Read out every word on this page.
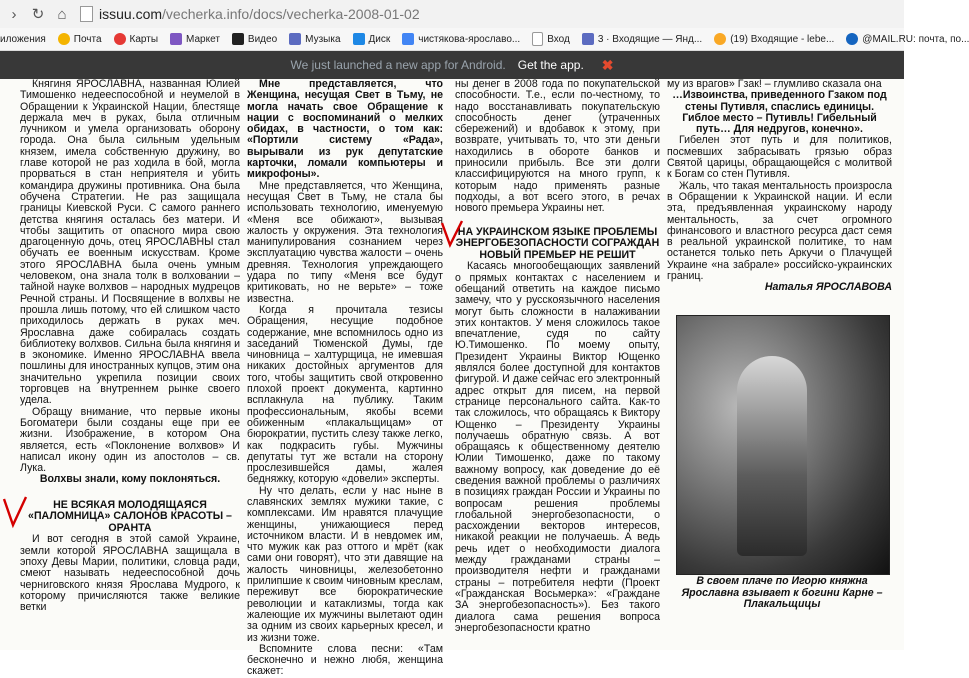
›	↻ ⌂	issuu.com /vecherka.info/docs/vecherka-2008-01-02
иложения	Почта	Карты	Маркет	Видео	Музыка	Диск	чистякова-ярославо...	Вход	3 · Входящие — Янд...	(19) Входящие - lebe...	@MAIL.RU: почта, по...
We just launched a new app for Android. Get the app. ✖

Княгиня ЯРОСЛАВНА, названная Юлией Тимошенко недееспособной и неумелой в Обращении к Украинской Нации, блестяще держала меч в руках, была отличным лучником и умела организовать оборону города. Она была сильным удельным князем, имела собственную дружину, во главе которой не раз ходила в бой, могла прорваться в стан неприятеля и убить командира дружины противника. Она была обучена Стратегии. Не раз защищала границы Киевской Руси. С самого раннего детства княгиня осталась без матери. И чтобы защитить от опасного мира свою драгоценную дочь, отец ЯРОСЛАВНЫ стал обучать ее военным искусствам. Кроме этого ЯРОСЛАВНА была очень умным человеком, она знала толк в волховании – тайной науке волхвов – народных мудрецов Речной страны. И Посвящение в волхвы не прошла лишь потому, что ей слишком часто приходилось держать в руках меч. Ярославна даже собиралась создать библиотеку волхвов. Сильна была княгиня и в экономике. Именно ЯРОСЛАВНА ввела пошлины для иностранных купцов, этим она значительно укрепила позиции своих торговцев на внутреннем рынке своего удела.

Обращу внимание, что первые иконы Богоматери были созданы еще при ее жизни. Изображение, в котором Она является, есть «Поклонение волхвов» И написал икону один из апостолов – св. Лука.

Волхвы знали, кому поклоняться.

НЕ ВСЯКАЯ МОЛОДЯЩАЯСЯ «ПАЛОМНИЦА» САЛОНОВ КРАСОТЫ – ОРАНТА

И вот сегодня в этой самой Украине, земли которой ЯРОСЛАВНА защищала в эпоху Девы Марии, политики, словца ради, смеют называть недееспособной дочь черниговского князя Ярослава Мудрого, к которому причисляются также великие ветки

Мне представляется, что Женщина, несущая Свет в Тьму, не могла начать свое Обращение к нации с воспоминаний о мелких обидах, в частности, о том как: «Портили систему «Рада», вырывали из рук депутатские карточки, ломали компьютеры и микрофоны».

Мне представляется, что Женщина, несущая Свет в Тьму, не стала бы использовать технологию, именуемую «Меня все обижают», вызывая жалость у окружения. Эта технология манипулирования сознанием через эксплуатацию чувства жалости – очень древняя. Технология упреждающего удара по типу «Меня все будут критиковать, но не верьте» – тоже известна.

Когда я прочитала тезисы Обращения, несущие подобное содержание, мне вспомнилось одно из заседаний Тюменской Думы, где чиновница – халтурщица, не имевшая никаких достойных аргументов для того, чтобы защитить свой откровенно плохой проект документа, картинно всплакнула на публику. Таким профессиональным, якобы всеми обиженным «плакальщицам» от бюрократии, пустить слезу также легко, как подкрасить губы. Мужчины депутаты тут же встали на сторону прослезившейся дамы, жалея бедняжку, которую «довели» эксперты.

Ну что делать, если у нас ныне в славянских землях мужики такие, с комплексами. Им нравятся плачущие женщины, унижающиеся перед источником власти. И в невдомек им, что мужик как раз оттого и мрёт (как сами они говорят), что эти давящие на жалость чиновницы, железобетонно прилипшие к своим чиновным креслам, переживут все бюрократические революции и катаклизмы, тогда как жалеющие их мужчины вылетают один за одним из своих карьерных кресел, и из жизни тоже.

Вспомните слова песни: «Там бесконечно и нежно любя, женщина скажет:

ны денег в 2008 года по покупательской способности. Т.е., если по-честному, то надо восстанавливать покупательскую способность денег (утраченных сбережений) и вдобавок к этому, при возврате, учитывать то, что эти деньги находились в обороте банков и приносили прибыль. Все эти долги классифицируются на много групп, к которым надо применять разные подходы, а вот всего этого, в речах нового премьера Украины нет.

НА УКРАИНСКОМ ЯЗЫКЕ ПРОБЛЕМЫ ЭНЕРГОБЕЗОПАСНОСТИ СОГРАЖДАН НОВЫЙ ПРЕМЬЕР НЕ РЕШИТ

Касаясь многообещающих заявлений о прямых контактах с населением и обещаний ответить на каждое письмо замечу, что у русскоязычного населения могут быть сложности в налаживании этих контактов. У меня сложилось такое впечатление, судя по сайту Ю.Тимошенко. По моему опыту, Президент Украины Виктор Ющенко являлся более доступной для контактов фигурой. И даже сейчас его электронный адрес открыт для писем, на первой странице персонального сайта. Как-то так сложилось, что обращаясь к Виктору Ющенко – Президенту Украины получаешь обратную связь. А вот обращаясь к общественному деятелю Юлии Тимошенко, даже по такому важному вопросу, как доведение до её сведения важной проблемы о различиях в позициях граждан России и Украины по вопросам решения проблемы глобальной энергобезопасности, о расхождении векторов интересов, никакой реакции не получаешь. А ведь речь идет о необходимости диалога между гражданами страны – производителя нефти и гражданами страны – потребителя нефти (Проект «Гражданская Восьмерка»: «Граждане ЗА энергобезопасность»). Без такого диалога сама решения вопроса энергобезопасности кратно

му из врагов» Гзак! – глумливо сказала она

…Извоинства, приведенного Гзаком под стены Путивля, спаслись единицы. Гиблое место – Путивль! Гибельный путь… Для недругов, конечно».

Гибелен этот путь и для политиков, посмевших забрасывать грязью образ Святой царицы, обращающейся с молитвой к Богам со стен Путивля.

Жаль, что такая ментальность произросла в Обращении к Украинской нации. И если эта, предъявленная украинскому народу ментальность, за счет огромного финансового и властного ресурса даст семя в реальной украинской политике, то нам останется только петь Аркучи о Плачущей Украине «на забрале» российско-украинских границ.

Наталья ЯРОСЛАВОВА

В своем плаче по Игорю княжна Ярославна взывает к богини Карне – Плакальщицы
